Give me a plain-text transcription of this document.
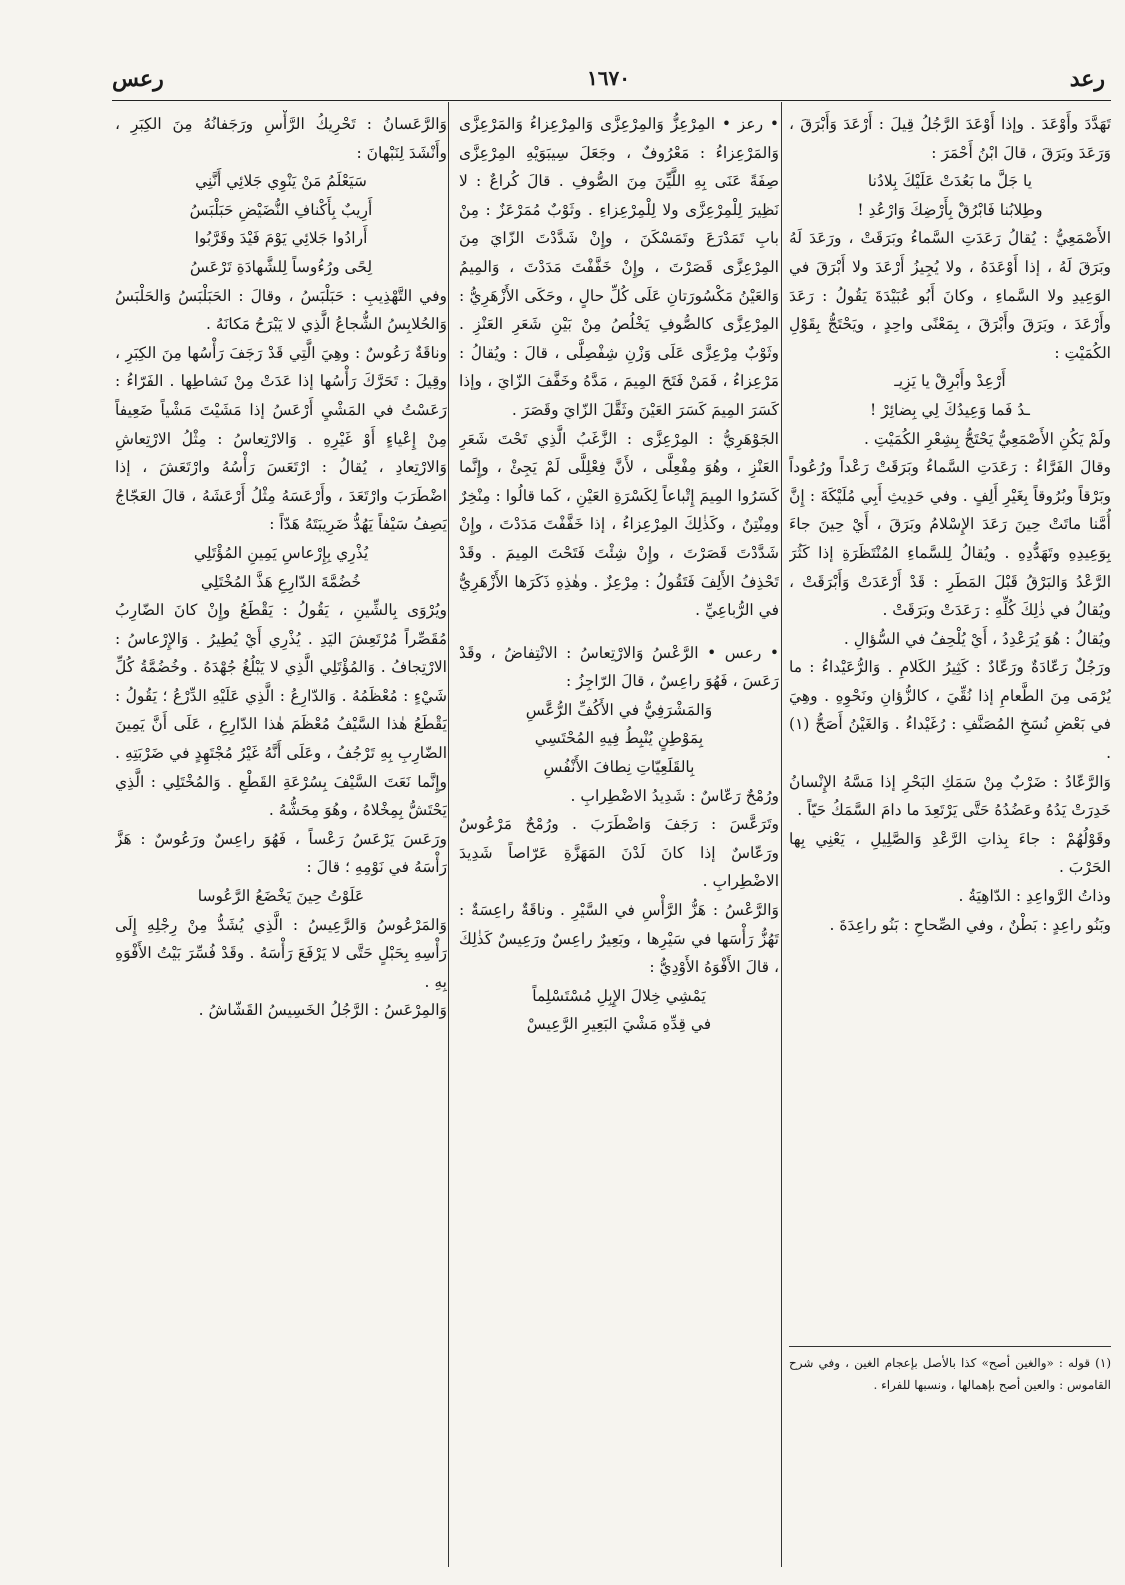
رعد
١٦٧٠
رعس

تَهَدَّدَ وأَوْعَدَ . وإذا أَوْعَدَ الرَّجُلُ قِيلَ : أَرْعَدَ وَأَبْرَقَ ، وَرَعَدَ وبَرَقَ ، قالَ ابْنُ أَحْمَرَ :

يا جَلَّ ما بَعُدَتْ عَلَيْكَ بِلادُنا

وطِلابُنا فَابْرُقْ بِأَرْضِكَ وَارْعُدِ !

الأَصْمَعِيُّ : يُقالُ رَعَدَتِ السَّماءُ وبَرَقَتْ ، ورَعَدَ لَهُ وبَرَقَ لَهُ ، إذا أَوْعَدَهُ ، ولا يُجِيزُ أَرْعَدَ ولا أَبْرَقَ في الوَعِيدِ ولا السَّماءِ ، وكانَ أَبُو عُبَيْدَةَ يَقُولُ : رَعَدَ وأَرْعَدَ ، وبَرَقَ وأَبْرَقَ ، بِمَعْنًى واحِدٍ ، ويَحْتَجُّ بِقَوْلِ الكُمَيْتِ :

أَرْعِدْ وأَبْرِقْ يا يَزِيـ

ـدُ فَما وَعِيدُكَ لِي بِضائِرْ !

ولَمْ يَكُنِ الأَصْمَعِيُّ يَحْتَجُّ بِشِعْرِ الكُمَيْتِ .

وقالَ الفَرَّاءُ : رَعَدَتِ السَّماءُ وبَرَقَتْ رَعْداً ورُعُوداً وبَرْقاً وبُرُوقاً بِغَيْرِ أَلِفٍ . وفي حَدِيثِ أَبِي مُلَيْكَةَ : إِنَّ أُمَّنا ماتَتْ حِينَ رَعَدَ الإِسْلامُ وبَرَقَ ، أَيْ حِينَ جاءَ بِوَعِيدِهِ وتَهَدُّدِهِ . ويُقالُ لِلسَّماءِ المُنْتَظَرَةِ إذا كَثُرَ الرَّعْدُ وَالبَرْقُ قَبْلَ المَطَرِ : قَدْ أَرْعَدَتْ وَأَبْرَقَتْ ، ويُقالُ في ذٰلِكَ كُلِّهِ : رَعَدَتْ وبَرَقَتْ .

ويُقالُ : هُوَ يُرَعْدِدُ ، أَيْ يُلْحِفُ في السُّؤالِ .

ورَجُلٌ رَعّادَةٌ ورَعّادٌ : كَثِيرُ الكَلامِ . وَالرُّعَيْداءُ : ما يُرْمَى مِنَ الطَّعامِ إذا نُقِّيَ ، كالزُّؤانِ ونَحْوِهِ . وهِيَ في بَعْضِ نُسَخِ المُصَنَّفِ : رُغَيْداءُ . وَالغَيْنُ أَصَحُّ (١) .

وَالرَّعّادُ : ضَرْبٌ مِنْ سَمَكِ البَحْرِ إذا مَسَّهُ الإِنْسانُ خَدِرَتْ يَدُهُ وعَضُدُهُ حَتَّى يَرْتَعِدَ ما دامَ السَّمَكُ حَيّاً .

وقَوْلُهُمْ : جاءَ بِذاتِ الرَّعْدِ وَالصَّلِيلِ ، يَعْنِي بِها الحَرْبَ .

وذاتُ الرَّواعِدِ : الدّاهِيَةُ .

وبَنُو راعِدٍ : بَطْنٌ ، وفي الصِّحاحِ : بَنُو راعِدَةَ .

(١) قوله : «والغين أصح» كذا بالأصل بإعجام الغين ، وفي شرح القاموس : والعين أصح بإهمالها ، ونسبها للفراء .

• رعز • المِرْعِزُّ وَالمِرْعِزَّى وَالمِرْعِزاءُ وَالمَرْعِزَّى وَالمَرْعِزاءُ : مَعْرُوفٌ ، وجَعَلَ سِيبَوَيْهِ المِرْعِزَّى صِفَةً عَنَى بِهِ اللَّيِّنَ مِنَ الصُّوفِ . قالَ كُراعٌ : لا نَظِيرَ لِلْمِرْعِزَّى ولا لِلْمِرْعِزاءِ . وثَوْبٌ مُمَرْعَزٌ : مِنْ بابِ تَمَدْرَعَ وتَمَسْكَنَ ، وإِنْ شَدَّدْتَ الزّايَ مِنَ المِرْعِزَّى قَصَرْتَ ، وإِنْ خَفَّفْتَ مَدَدْتَ ، وَالمِيمُ وَالعَيْنُ مَكْسُورَتانِ عَلَى كُلِّ حالٍ ، وحَكَى الأَزْهَرِيُّ : المِرْعِزَّى كالصُّوفِ يَخْلُصُ مِنْ بَيْنِ شَعَرِ العَنْزِ . وثَوْبٌ مِرْعِزَّى عَلَى وَزْنِ شِفْصِلَّى ، قالَ : ويُقالُ : مَرْعِزاءُ ، فَمَنْ فَتَحَ المِيمَ ، مَدَّهُ وخَفَّفَ الزّايَ ، وإذا كَسَرَ المِيمَ كَسَرَ العَيْنَ وثَقَّلَ الزّايَ وقَصَرَ .

الجَوْهَرِيُّ : المِرْعِزَّى : الزَّغَبُ الَّذِي تَحْتَ شَعَرِ العَنْزِ ، وهُوَ مِفْعِلَّى ، لأَنَّ فِعْلِلَّى لَمْ يَجِئْ ، وإِنَّما كَسَرُوا المِيمَ إِتْباعاً لِكَسْرَةِ العَيْنِ ، كَما قالُوا : مِنْخِرٌ ومِنْتِنٌ ، وكَذٰلِكَ المِرْعِزاءُ ، إذا خَفَّفْتَ مَدَدْتَ ، وإِنْ شَدَّدْتَ قَصَرْتَ ، وإِنْ شِئْتَ فَتَحْتَ المِيمَ . وقَدْ تَحْذِفُ الأَلِفَ فَتَقُولُ : مِرْعِزٌ . وهٰذِهِ ذَكَرَها الأَزْهَرِيُّ في الرُّباعِيِّ .

• رعس • الرَّعْسُ وَالارْتِعاسُ : الانْتِفاضُ ، وقَدْ رَعَسَ ، فَهُوَ راعِسٌ ، قالَ الرّاجِزُ :

وَالمَشْرَفِيُّ في الأَكُفِّ الرُّعَّسِ

بِمَوْطِنٍ يُنْبِطُ فِيهِ المُحْتَسِي

بِالقَلَعِيّاتِ نِطافَ الأَنْفُسِ

ورُمْحٌ رَعّاسٌ : شَدِيدُ الاضْطِرابِ .

وتَرَعَّسَ : رَجَفَ وَاضْطَرَبَ . ورُمْحٌ مَرْعُوسٌ ورَعّاسٌ إذا كانَ لَدْنَ المَهَزَّةِ عَرّاصاً شَدِيدَ الاضْطِرابِ .

وَالرَّعْسُ : هَزُّ الرَّأْسِ في السَّيْرِ . وناقَةٌ راعِسَةٌ : تَهُزُّ رَأْسَها في سَيْرِها ، وبَعِيرٌ راعِسٌ ورَعِيسٌ كَذٰلِكَ ، قالَ الأَفْوَهُ الأَوْدِيُّ :

يَمْشِي خِلالَ الإِبِلِ مُسْتَسْلِماً

في قِدِّهِ مَشْيَ البَعِيرِ الرَّعِيسْ

وَالرَّعَسانُ : تَحْرِيكُ الرَّأْسِ ورَجَفانُهُ مِنَ الكِبَرِ ، وأَنْشَدَ لِنَبْهانَ :

سَيَعْلَمُ مَنْ يَنْوِي جَلائِي أَنَّنِي

أَرِيبٌ بِأَكْنافِ النُّضَيْضِ حَبَلْبَسُ

أَرادُوا جَلائِي يَوْمَ فَيْدَ وقَرَّبُوا

لِحًى ورُءُوساً لِلشَّهادَةِ تَرْعَسُ

وفي التَّهْذِيبِ : حَبَلْبَسُ ، وقالَ : الحَبَلْبَسُ وَالحَلْبَسُ وَالحُلابِسُ الشُّجاعُ الَّذِي لا يَبْرَحُ مَكانَهُ .

وناقَةٌ رَعُوسٌ : وهِيَ الَّتِي قَدْ رَجَفَ رَأْسُها مِنَ الكِبَرِ ، وقِيلَ : تَحَرَّكَ رَأْسُها إذا عَدَتْ مِنْ نَشاطِها . الفَرّاءُ : رَعَسْتُ في المَشْيِ أَرْعَسُ إذا مَشَيْتَ مَشْياً ضَعِيفاً مِنْ إِعْياءٍ أَوْ غَيْرِهِ . وَالارْتِعاسُ : مِثْلُ الارْتِعاشِ وَالارْتِعادِ ، يُقالُ : ارْتَعَسَ رَأْسُهُ وارْتَعَشَ ، إذا اضْطَرَبَ وارْتَعَدَ ، وأَرْعَسَهُ مِثْلُ أَرْعَشَهُ ، قالَ العَجّاجُ يَصِفُ سَيْفاً يَهُدُّ ضَرِيبَتَهُ هَدّاً :

يُذْرِي بِإِرْعاسِ يَمِينِ المُؤْتَلِي

خُضُمَّةَ الدّارِعِ هَذَّ المُخْتَلِي

ويُرْوَى بِالشِّينِ ، يَقُولُ : يَقْطَعُ وإِنْ كانَ الضّارِبُ مُقَصِّراً مُرْتَعِشَ اليَدِ . يُذْرِي أَيْ يُطِيرُ . وَالإِرْعاسُ : الارْتِجافُ . وَالمُؤْتَلِي الَّذِي لا يَبْلُغُ جُهْدَهُ . وخُضُمَّةُ كُلِّ شَيْءٍ : مُعْظَمُهُ . وَالدّارِعُ : الَّذِي عَلَيْهِ الدِّرْعُ ؛ يَقُولُ : يَقْطَعُ هٰذا السَّيْفُ مُعْظَمَ هٰذا الدّارِعِ ، عَلَى أَنَّ يَمِينَ الضّارِبِ بِهِ تَرْجُفُ ، وعَلَى أَنَّهُ غَيْرُ مُجْتَهِدٍ في ضَرْبَتِهِ . وإِنَّما نَعَتَ السَّيْفَ بِسُرْعَةِ القَطْعِ . وَالمُخْتَلِي : الَّذِي يَحْتَشُّ بِمِخْلاهُ ، وهُوَ مِحَشُّهُ .

ورَعَسَ يَرْعَسُ رَعْساً ، فَهُوَ راعِسٌ ورَعُوسٌ : هَزَّ رَأْسَهُ في نَوْمِهِ ؛ قالَ :

عَلَوْتُ حِينَ يَخْضَعُ الرَّعُوسا

وَالمَرْعُوسُ وَالرَّعِيسُ : الَّذِي يُشَدُّ مِنْ رِجْلِهِ إِلَى رَأْسِهِ بِحَبْلٍ حَتَّى لا يَرْفَعَ رَأْسَهُ . وقَدْ فُسِّرَ بَيْتُ الأَفْوَهِ بِهِ .

وَالمِرْعَسُ : الرَّجُلُ الخَسِيسُ القَشّاشُ .
